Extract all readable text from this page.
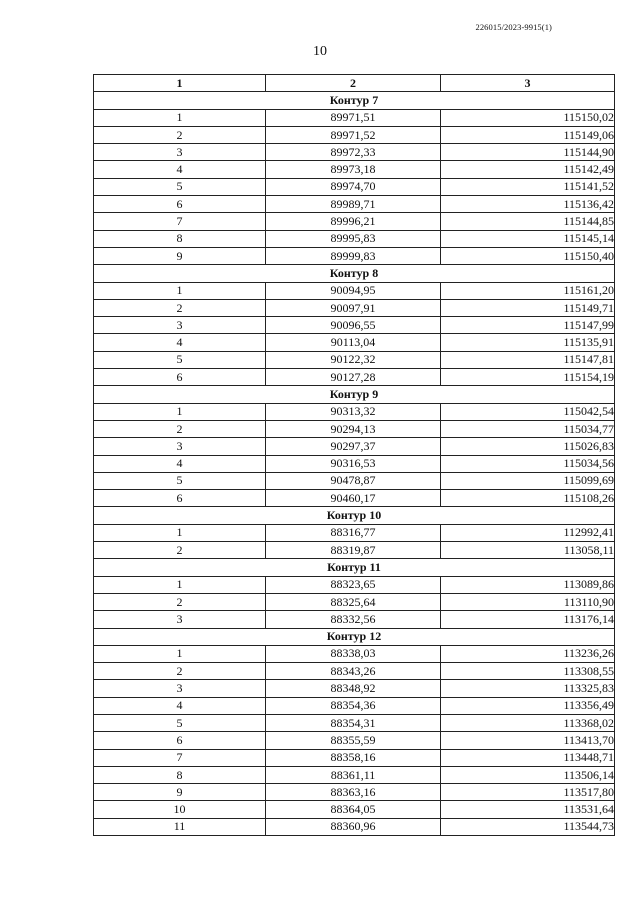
226015/2023-9915(1)
10
1	2	3
Контур 7		
1	89971,51	115150,02
2	89971,52	115149,06
3	89972,33	115144,90
4	89973,18	115142,49
5	89974,70	115141,52
6	89989,71	115136,42
7	89996,21	115144,85
8	89995,83	115145,14
9	89999,83	115150,40
Контур 8		
1	90094,95	115161,20
2	90097,91	115149,71
3	90096,55	115147,99
4	90113,04	115135,91
5	90122,32	115147,81
6	90127,28	115154,19
Контур 9		
1	90313,32	115042,54
2	90294,13	115034,77
3	90297,37	115026,83
4	90316,53	115034,56
5	90478,87	115099,69
6	90460,17	115108,26
Контур 10		
1	88316,77	112992,41
2	88319,87	113058,11
Контур 11		
1	88323,65	113089,86
2	88325,64	113110,90
3	88332,56	113176,14
Контур 12		
1	88338,03	113236,26
2	88343,26	113308,55
3	88348,92	113325,83
4	88354,36	113356,49
5	88354,31	113368,02
6	88355,59	113413,70
7	88358,16	113448,71
8	88361,11	113506,14
9	88363,16	113517,80
10	88364,05	113531,64
11	88360,96	113544,73
